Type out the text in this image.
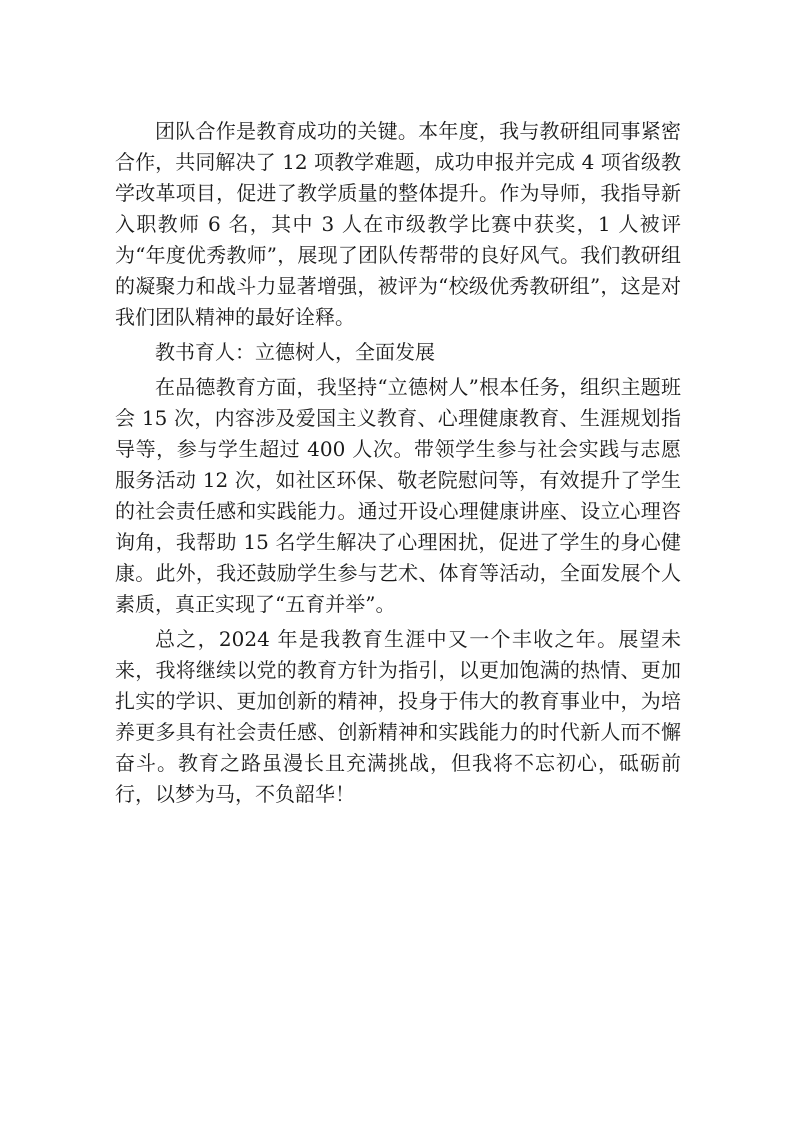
团队合作是教育成功的关键。本年度，我与教研组同事紧密合作，共同解决了 12 项教学难题，成功申报并完成 4 项省级教学改革项目，促进了教学质量的整体提升。作为导师，我指导新入职教师 6 名，其中 3 人在市级教学比赛中获奖，1 人被评为“年度优秀教师”，展现了团队传帮带的良好风气。我们教研组的凝聚力和战斗力显著增强，被评为“校级优秀教研组”，这是对我们团队精神的最好诠释。

教书育人：立德树人，全面发展

在品德教育方面，我坚持“立德树人”根本任务，组织主题班会 15 次，内容涉及爱国主义教育、心理健康教育、生涯规划指导等，参与学生超过 400 人次。带领学生参与社会实践与志愿服务活动 12 次，如社区环保、敬老院慰问等，有效提升了学生的社会责任感和实践能力。通过开设心理健康讲座、设立心理咨询角，我帮助 15 名学生解决了心理困扰，促进了学生的身心健康。此外，我还鼓励学生参与艺术、体育等活动，全面发展个人素质，真正实现了“五育并举”。

总之，2024 年是我教育生涯中又一个丰收之年。展望未来，我将继续以党的教育方针为指引，以更加饱满的热情、更加扎实的学识、更加创新的精神，投身于伟大的教育事业中，为培养更多具有社会责任感、创新精神和实践能力的时代新人而不懈奋斗。教育之路虽漫长且充满挑战，但我将不忘初心，砥砺前行，以梦为马，不负韶华！
